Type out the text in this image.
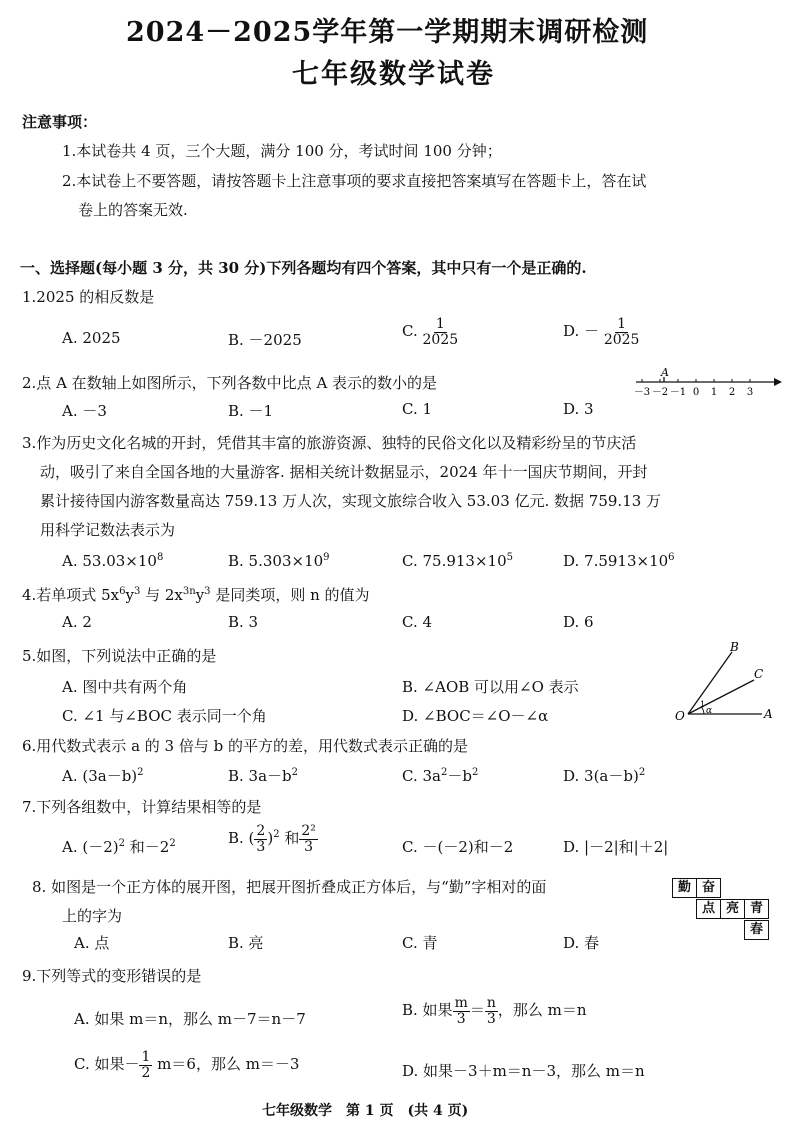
2024－2025学年第一学期期末调研检测
七年级数学试卷
注意事项：
1.本试卷共 4 页，三个大题，满分 100 分，考试时间 100 分钟；
2.本试卷上不要答题，请按答题卡上注意事项的要求直接把答案填写在答题卡上，答在试
卷上的答案无效.
一、选择题(每小题 3 分，共 30 分)下列各题均有四个答案，其中只有一个是正确的.
1.2025 的相反数是
A. 2025	B. －2025	C. $\frac{1}{2025}$	D. － $\frac{1}{2025}$
2.点 A 在数轴上如图所示，下列各数中比点 A 表示的数小的是
A. －3	B. －1	C. 1	D. 3
A
－3 －2 －1 0 1 2 3
3.作为历史文化名城的开封，凭借其丰富的旅游资源、独特的民俗文化以及精彩纷呈的节庆活
动，吸引了来自全国各地的大量游客. 据相关统计数据显示，2024 年十一国庆节期间，开封
累计接待国内游客数量高达 759.13 万人次，实现文旅综合收入 53.03 亿元. 数据 759.13 万
用科学记数法表示为
A. $53.03\times 10^8$	B. $5.303\times 10^9$	C. $75.913\times 10^5$	D. $7.5913\times 10^6$
4.若单项式 $5x^6y^3$ 与 $2x^{3n}y^3$ 是同类项，则 n 的值为
A. 2	B. 3	C. 4	D. 6
5.如图，下列说法中正确的是
A. 图中共有两个角	B. ∠AOB 可以用∠O 表示
C. ∠1 与∠BOC 表示同一个角	D. ∠BOC＝∠O－∠α
B
C
O	A
α
1
6.用代数式表示 a 的 3 倍与 b 的平方的差，用代数式表示正确的是
A. $(3a-b)^2$	B. $3a-b^2$	C. $3a^2-b^2$	D. $3(a-b)^2$
7.下列各组数中，计算结果相等的是
A. $(-2)^2$ 和$-2^2$	B. ( $\frac{2}{3} )^2$ 和 $\frac{\text{2²}}{3}$	C. －(－2)和－2	D. |－2|和|＋2|
8. 如图是一个正方体的展开图，把展开图折叠成正方体后，与“勤”字相对的面
上的字为
A. 点	B. 亮	C. 青	D. 春
勤 奋
点 亮 青
春
9.下列等式的变形错误的是
A. 如果 m＝n，那么 m－7＝n－7	B. 如果 $\frac{m}{3} = \frac{n}{3}$ ，那么 m＝n
C. 如果－ $\frac{1}{2} m=6$，那么 m＝－3	D. 如果－3＋m＝n－3，那么 m＝n
七年级数学　第 1 页　(共 4 页)
